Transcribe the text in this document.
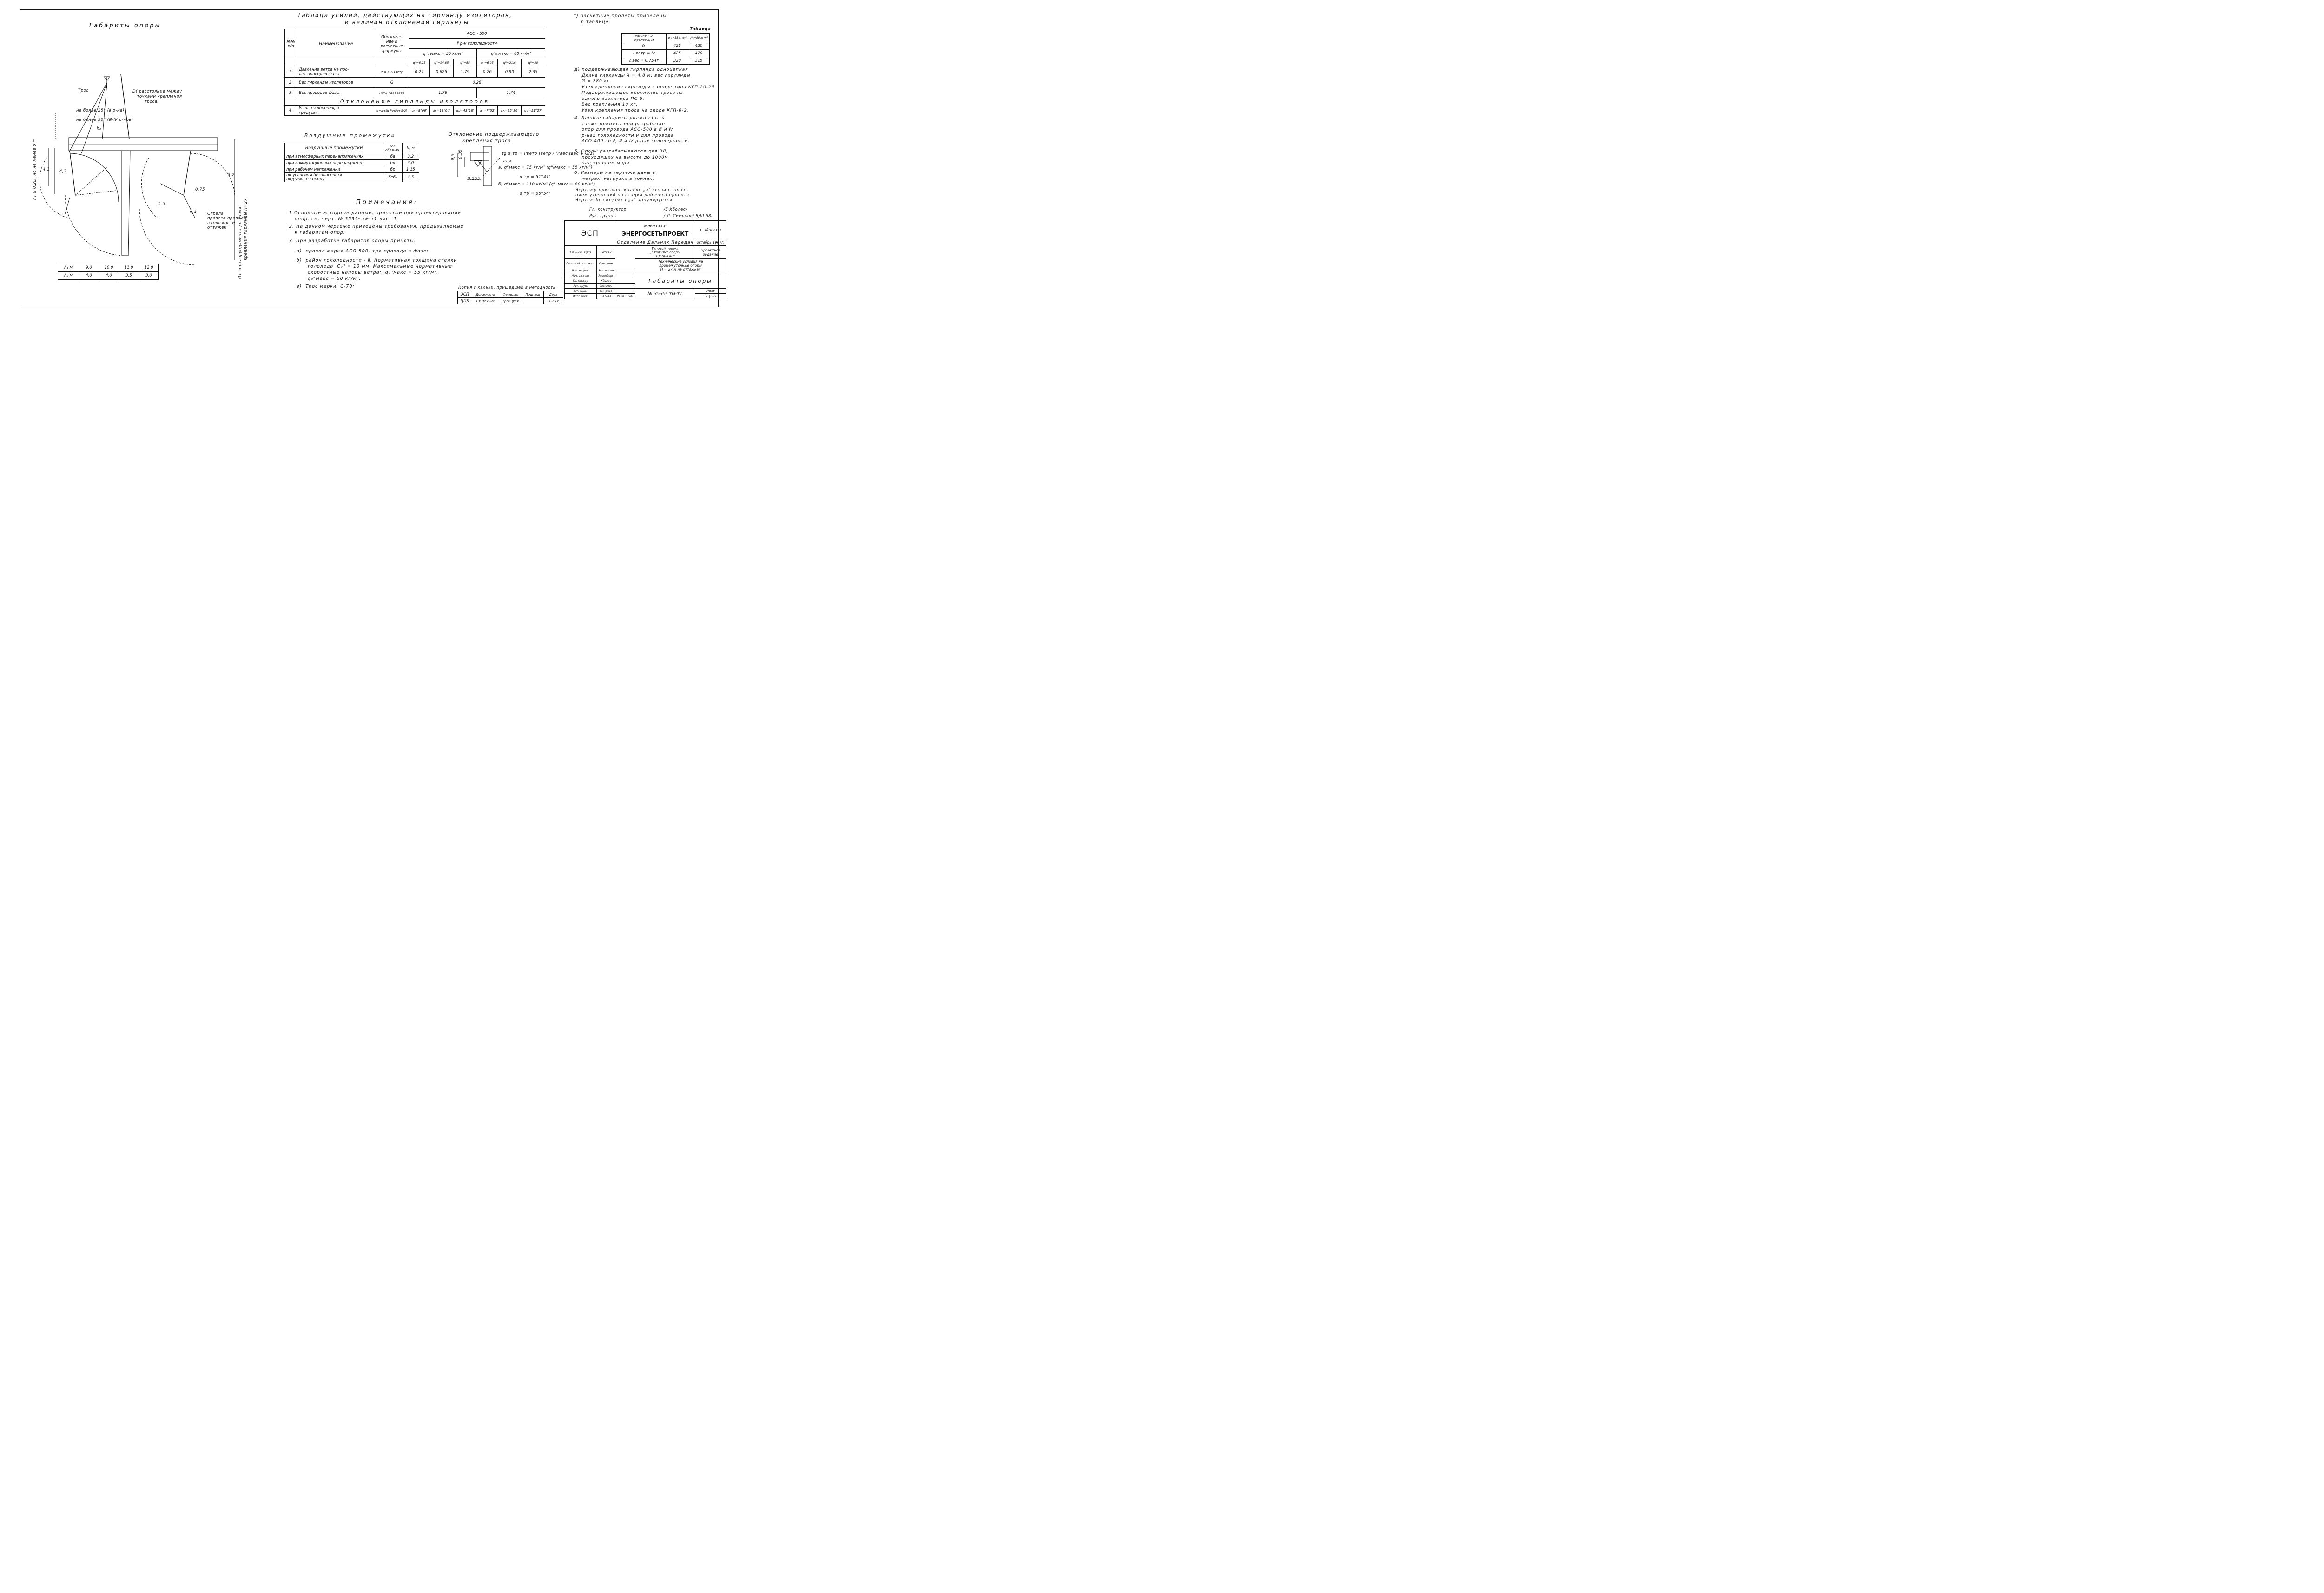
Габариты опоры
Трос	D( расстояние между
точками крепления
троса)
не более 25° (Ⅱ р-на)
не более 30° (Ⅲ-Ⅳ р-нов)
h₂
h₁ ≥ 0,2D, но не менее 9 ᵐ
От верха фундамента до точки крепления гирлянды Н=27
Стрела
провеса провода
в плоскости
оттяжек
4,3 4,2
3,2
0,75
0,4
2,3
h₁ м	9,0	10,0	11,0	12,0
h₂ м	4,0	4,0	3,5	3,0
Таблица усилий, действующих на гирлянду изоляторов,
и величин отклонений гирлянды
№№
п/п	Наименование	Обозначе-
ние и
расчетные
формулы	АСО - 500					
			Ⅱ р-н гололедности					
			qᴴ₀ макс = 55 кг/м²			qᴴ₀ макс = 80 кг/м²		
			qᴴ=6,25	qᴴ=14,85	qᴴ=55	qᴴ=6,25	qᴴ=21,6	qᴴ=80
1.	Давление ветра на про-
лет проводов фазы	P₁=3·Pₙ·ℓветр	0,27	0,625	1,79	0,26	0,90	2,35
2.	Вес гирлянды изоляторов	G	0,28					
3.	Вес проводов фазы.	P₂=3·Pвес·ℓвес	1,76			1,74		
Отклонение гирлянды изоляторов								
4.	Угол отклонения, в
градусах	α=arctg P₁/(P₂+G/2)	αг=8°06'	αк=18°04'	αр=43°18'	αг=7°52'	αк=25°36'	αр=51°27'
Воздушные промежутки
Воздушные промежутки	Усл.
обознач.	б, м
при атмосферных перенапряжениях	бa	3,2
при коммутационных перенапряжен.	бк	3,0
при рабочем напряжении	бр	1,15
по условиям безопасности
подъема на опору	бтб₁	4,5
Отклонение поддерживающего
крепления троса
0,5 0,35
0,255
tg α тр = Pветр·ℓветр / (Pвес·ℓвес + G/2)
для:
а) qᴴмакс = 75 кг/м² (qᴴ₀макс = 55 кг/м²)
α тр = 51°41'
б) qᴴмакс = 110 кг/м² (qᴴ₀макс = 80 кг/м²)
α тр = 65°54'
Примечания:
1 Основные исходные данные, принятые при проектировании
опор, см. черт. № 3535ᵃ тм-т1 лист 1
2. На данном чертеже приведены требования, предъявляемые
к габаритам опор.
3. При разработке габаритов опоры приняты:
а)  провод марки АСО-500, три провода в фазе;
б)  район гололедности - Ⅱ. Нормативная толщина стенки
гололеда  C₀ᴴ = 10 мм. Максимальные нормативные
скоростные напоры ветра:  q₀ᴴмакс = 55 кг/м²,
q₀ᴴмакс = 80 кг/м².
в)  Трос марки  С-70;
г) расчетные пролеты приведены
в таблице.
Таблица
Расчетные
пролеты, м	qᴴ₀=55 кг/м²	qᴴ₀=80 кг/м²
ℓг	425	420
ℓ ветр = ℓг	425	420
ℓ вес = 0,75·ℓг	320	315
д) поддерживающая гирлянда одноцепная
Длина гирлянды λ = 4,8 м, вес гирлянды
G = 280 кг.
Узел крепления гирлянды к опоре типа КГП-20-2б
Поддерживающее крепление троса из
одного изолятора ПС-6.
Вес крепления 10 кг.
Узел крепления троса на опоре КГП-6-2.
4. Данные габариты должны быть
также приняты при разработке
опор для провода АСО-500 в Ⅲ и Ⅳ
р-нах гололедности и для провода
АСО-400 во Ⅱ, Ⅲ и Ⅳ р-нах гололедности.
5. Опоры разрабатываются для ВЛ,
проходящих на высоте до 1000м
над уровнем моря.
6. Размеры на чертеже даны в
метрах, нагрузки в тоннах.
Чертежу присвоен индекс „а" связи с внесе-
нием уточнений на стадии рабочего проекта
Чертеж без индекса „а" аннулируется.
Гл. конструктор
Рук. группы
/Е Хболес/
/ Л. Симонов/ 8/III 68г
Копия с кальки, пришедшей в негодность.
ЭСП	Должность	Фамилия	Подпись	Дата
ЦПК	Ст. техник	Троицкая		11-25 г.
ЭСП		МЭиЭ СССР
ЭНЕРГОСЕТЬПРОЕКТ		г. Москва
		Отделение Дальних Передач		октябрь 1967г.
Гл. инж. ОДП	Тетиян		Типовой проект
„Стальные опоры
ВЛ-500 кВ"	Проектное
задание
Главный специал.	Сандлер		Технические условия на
промежуточные опоры
Н = 27 м на оттяжках	
Нач. отдела	Зельченко			
Нач. эл.сект	Розенберг		Габариты опоры	
Гл. констр	Хболес			
Рук. груп.	Симонов			
Ст. инж.	Смирнов		№ 3535ᵃ тм-т1	Лист
Исполнит.	Белова	Разм. 3,5ф.		2 | 36
